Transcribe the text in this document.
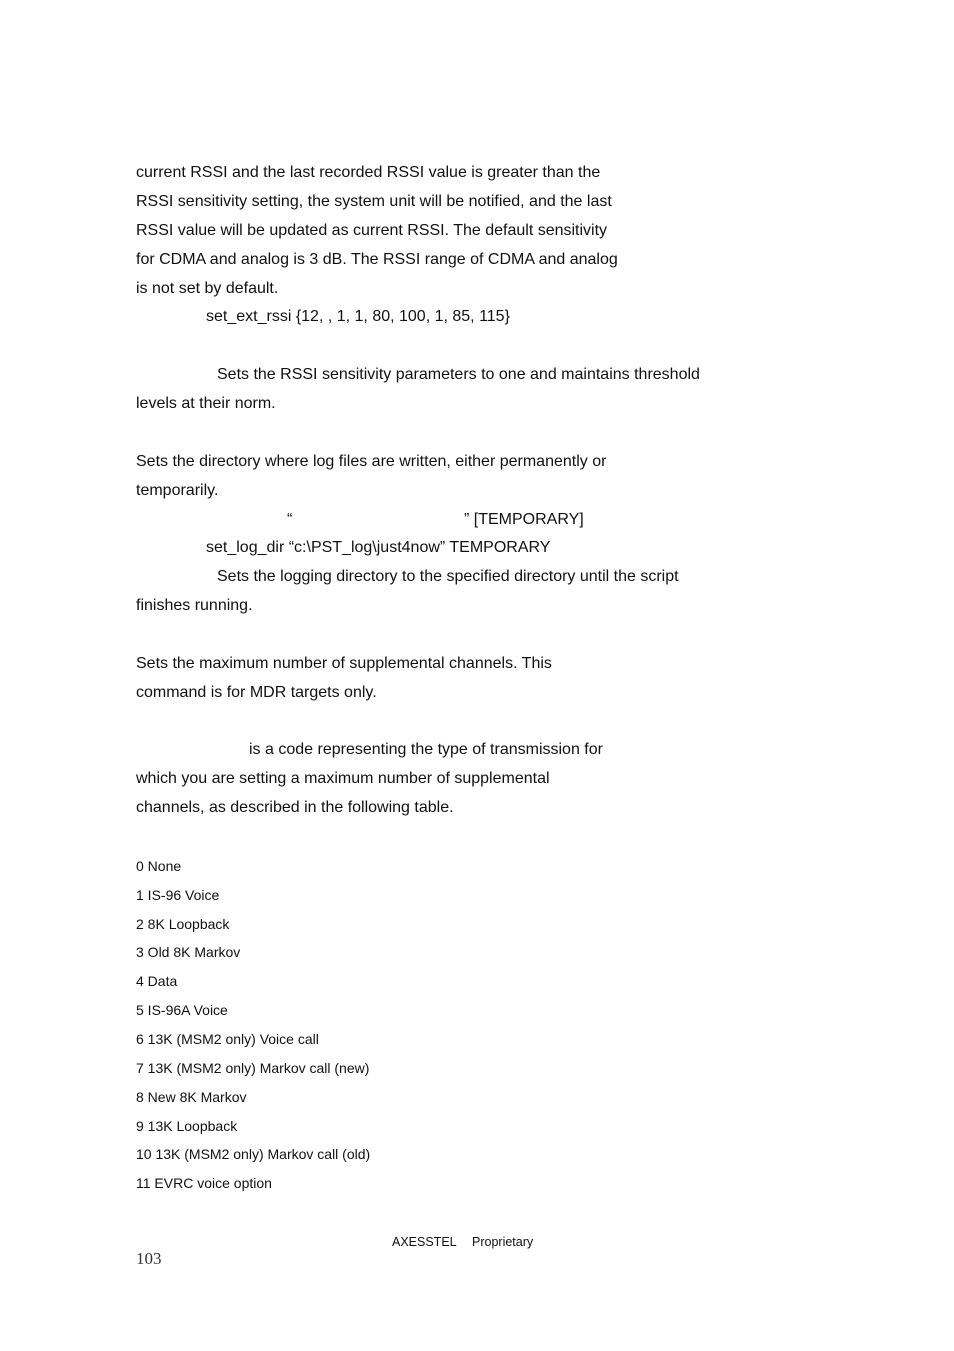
current RSSI and the last recorded RSSI value is greater than the
RSSI sensitivity setting, the system unit will be notified, and the last
RSSI value will be updated as current RSSI. The default sensitivity
for CDMA and analog is 3 dB. The RSSI range of CDMA and analog
is not set by default.
set_ext_rssi {12, , 1, 1, 80, 100, 1, 85, 115}
Sets the RSSI sensitivity parameters to one and maintains threshold
levels at their norm.
Sets the directory where log files are written, either permanently or
temporarily.
“	” [TEMPORARY]
set_log_dir “c:\PST_log\just4now” TEMPORARY
Sets the logging directory to the specified directory until the script
finishes running.
Sets the maximum number of supplemental channels. This
command is for MDR targets only.
is a code representing the type of transmission for
which you are setting a maximum number of supplemental
channels, as described in the following table.
0 None
1 IS-96 Voice
2 8K Loopback
3 Old 8K Markov
4 Data
5 IS-96A Voice
6 13K (MSM2 only) Voice call
7 13K (MSM2 only) Markov call (new)
8 New 8K Markov
9 13K Loopback
10 13K (MSM2 only) Markov call (old)
11 EVRC voice option
AXESSTEL Proprietary
103
